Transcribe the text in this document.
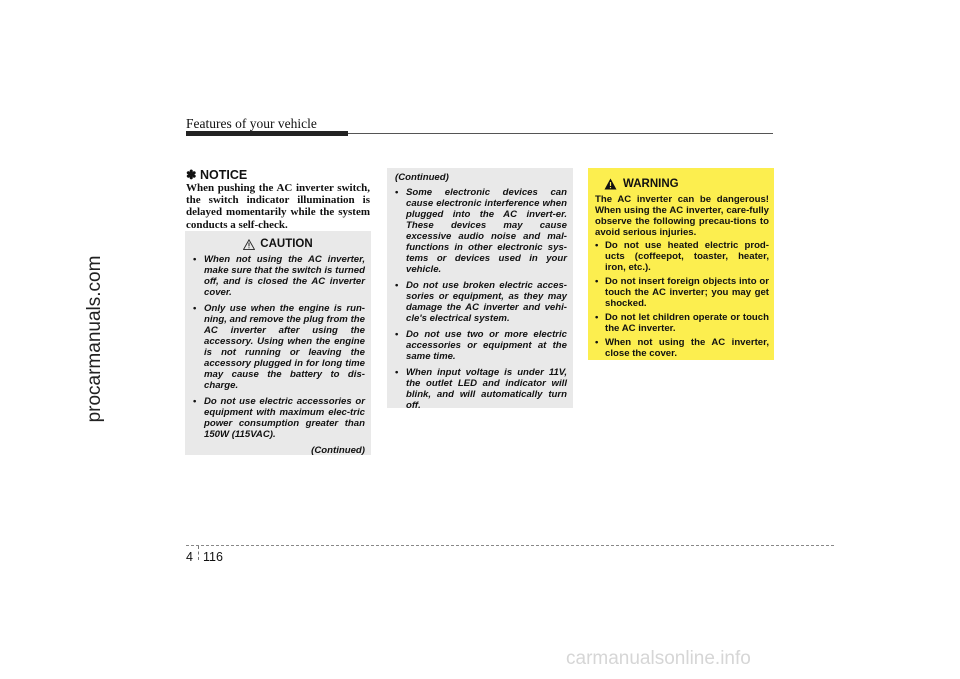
procarmanuals.com
Features of your vehicle
✽ NOTICE
When pushing the AC inverter switch, the switch indicator illumination is delayed momentarily while the system conducts a self-check.
CAUTION
• When not using the AC inverter, make sure that the switch is turned off, and is closed the AC inverter cover.
• Only use when the engine is run-ning, and remove the plug from the AC inverter after using the accessory. Using when the engine is not running or leaving the accessory plugged in for long time may cause the battery to dis-charge.
• Do not use electric accessories or equipment with maximum elec-tric power consumption greater than 150W (115VAC).
(Continued)
(Continued)
• Some electronic devices can cause electronic interference when plugged into the AC invert-er. These devices may cause excessive audio noise and mal-functions in other electronic sys-tems or devices used in your vehicle.
• Do not use broken electric acces-sories or equipment, as they may damage the AC inverter and vehi-cle's electrical system.
• Do not use two or more electric accessories or equipment at the same time.
• When input voltage is under 11V, the outlet LED and indicator will blink, and will automatically turn off.
WARNING
The AC inverter can be dangerous! When using the AC inverter, care-fully observe the following precau-tions to avoid serious injuries.
• Do not use heated electric prod-ucts (coffeepot, toaster, heater, iron, etc.).
• Do not insert foreign objects into or touch the AC inverter; you may get shocked.
• Do not let children operate or touch the AC inverter.
• When not using the AC inverter, close the cover.
4 116
carmanualsonline.info
